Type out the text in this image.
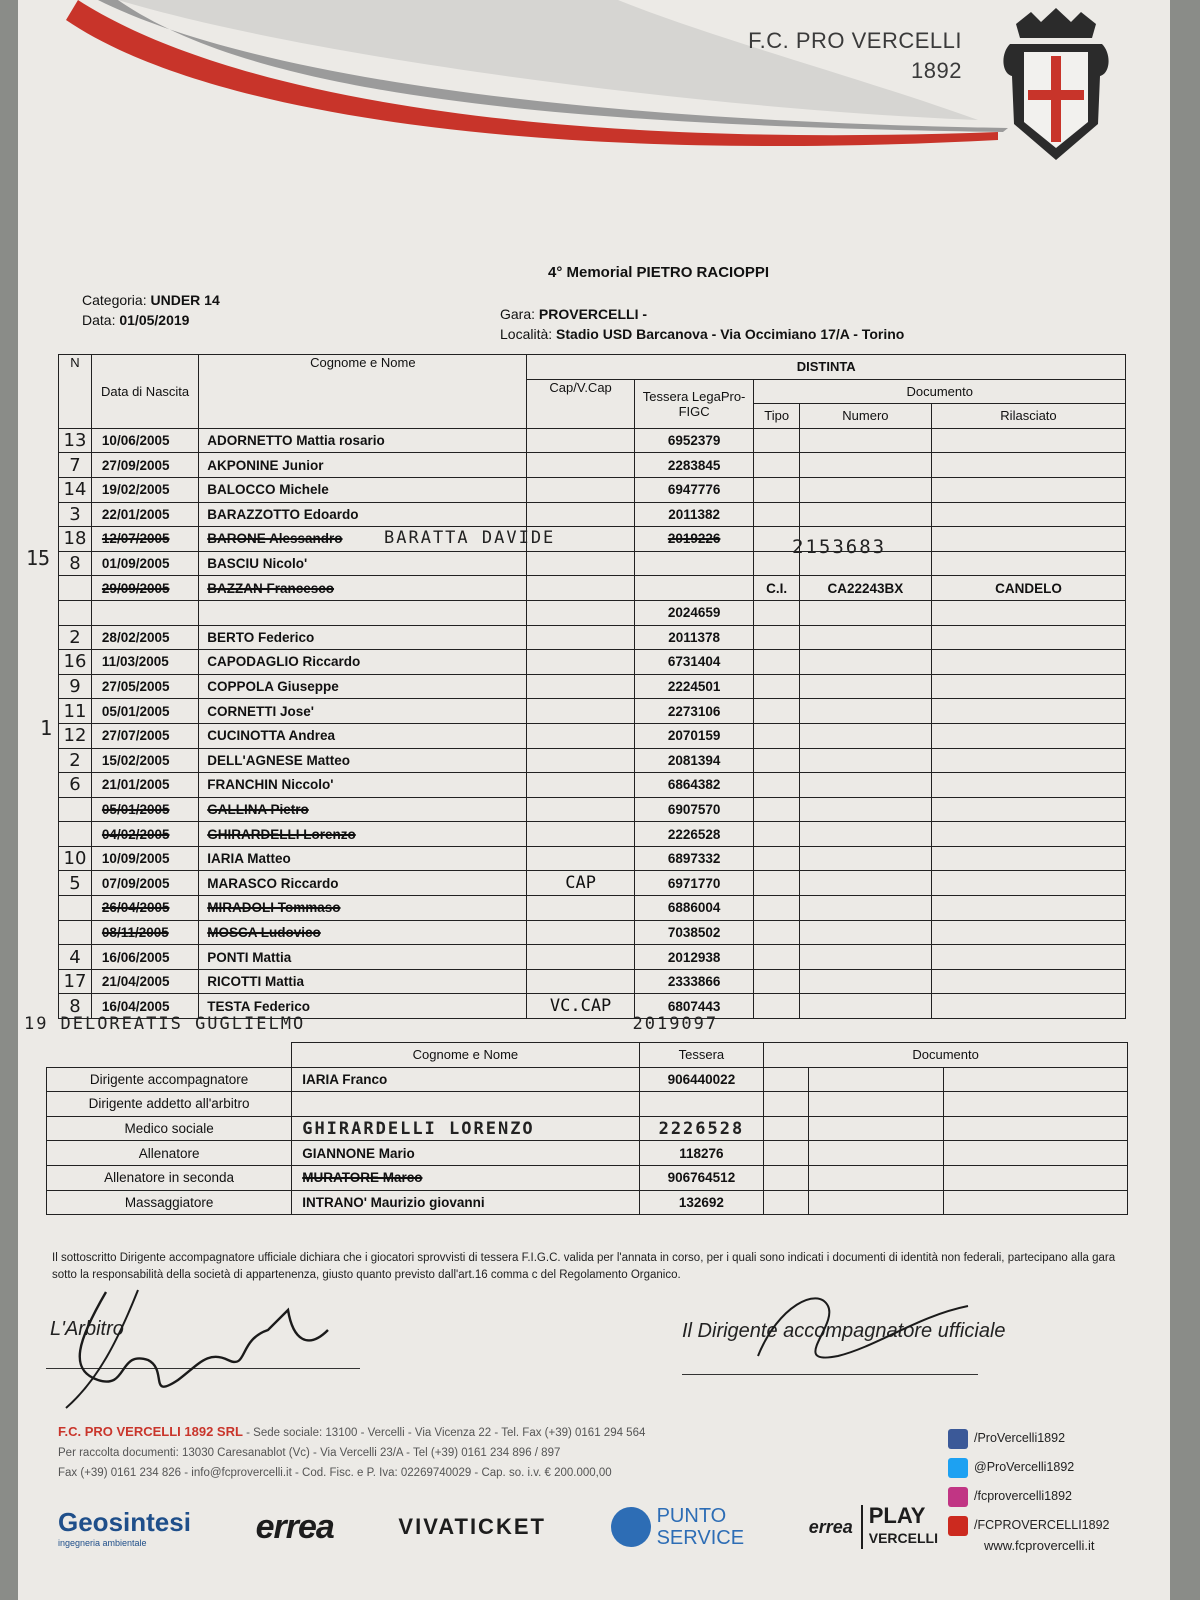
F.C. PRO VERCELLI
1892
4° Memorial PIETRO RACIOPPI
Categoria: UNDER 14
Data: 01/05/2019	Gara: PROVERCELLI -
Località: Stadio USD Barcanova - Via Occimiano 17/A - Torino
N	Data di Nascita	Cognome e Nome	DISTINTA				
			Cap/V.Cap	Tessera LegaPro-FIGC	Documento		
					Tipo	Numero	Rilasciato
13	10/06/2005	ADORNETTO Mattia rosario		6952379			
7	27/09/2005	AKPONINE Junior		2283845			
14	19/02/2005	BALOCCO Michele		6947776			
3	22/01/2005	BARAZZOTTO Edoardo		2011382			
18	12/07/2005	BARONE Alessandro		2019226			
8	01/09/2005	BASCIU Nicolo'					
	29/09/2005	BAZZAN Francesco			C.I.	CA22243BX	CANDELO
				2024659			
2	28/02/2005	BERTO Federico		2011378			
16	11/03/2005	CAPODAGLIO Riccardo		6731404			
9	27/05/2005	COPPOLA Giuseppe		2224501			
11	05/01/2005	CORNETTI Jose'		2273106			
12	27/07/2005	CUCINOTTA Andrea		2070159			
2	15/02/2005	DELL'AGNESE Matteo		2081394			
6	21/01/2005	FRANCHIN Niccolo'		6864382			
	05/01/2005	GALLINA Pietro		6907570			
	04/02/2005	GHIRARDELLI Lorenzo		2226528			
10	10/09/2005	IARIA Matteo		6897332			
5	07/09/2005	MARASCO Riccardo	CAP	6971770			
	26/04/2005	MIRADOLI Tommaso		6886004			
	08/11/2005	MOSCA Ludovico		7038502			
4	16/06/2005	PONTI Mattia		2012938			
17	21/04/2005	RICOTTI Mattia		2333866			
8	16/04/2005	TESTA Federico	VC.CAP	6807443			
15
1
BARATTA DAVIDE	2153683
19 DELOREATIS GUGLIELMO	2019097
	Cognome e Nome	Tessera	Documento		
Dirigente accompagnatore	IARIA Franco	906440022			
Dirigente addetto all'arbitro					
Medico sociale	GHIRARDELLI LORENZO	2226528			
Allenatore	GIANNONE Mario	118276			
Allenatore in seconda	MURATORE Marco	906764512			
Massaggiatore	INTRANO' Maurizio giovanni	132692			
Il sottoscritto Dirigente accompagnatore ufficiale dichiara che i giocatori sprovvisti di tessera F.I.G.C. valida per l'annata in corso, per i quali sono indicati i documenti di identità non federali, partecipano alla gara sotto la responsabilità della società di appartenenza, giusto quanto previsto dall'art.16 comma c del Regolamento Organico.
L'Arbitro	Il Dirigente accompagnatore ufficiale
F.C. PRO VERCELLI 1892 SRL - Sede sociale: 13100 - Vercelli - Via Vicenza 22 - Tel. Fax (+39) 0161 294 564
Per raccolta documenti: 13030 Caresanablot (Vc) - Via Vercelli 23/A - Tel (+39) 0161 234 896 / 897
Fax (+39) 0161 234 826 - info@fcprovercelli.it - Cod. Fisc. e P. Iva: 02269740029 - Cap. so. i.v. € 200.000,00
/ProVercelli1892
@ProVercelli1892
/fcprovercelli1892
/FCPROVERCELLI1892
www.fcprovercelli.it
Geosintesi
ingegneria ambientale	errea	VIVATICKET	PUNTO
SERVICE
errea PLAY
VERCELLI
